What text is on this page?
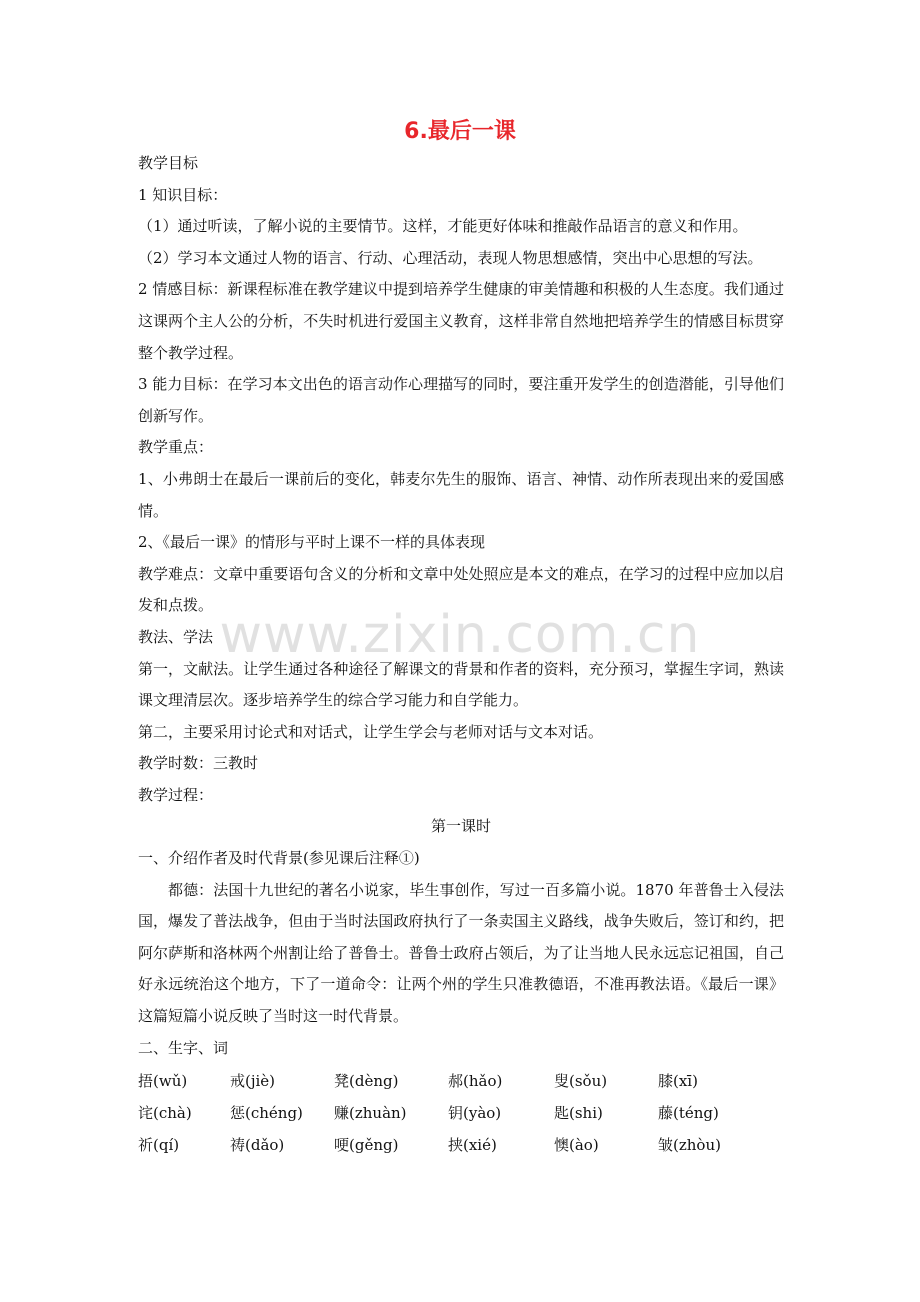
www.zixin.com.cn
6.最后一课

教学目标

1 知识目标：

（1）通过听读，了解小说的主要情节。这样，才能更好体味和推敲作品语言的意义和作用。

（2）学习本文通过人物的语言、行动、心理活动，表现人物思想感情，突出中心思想的写法。

2 情感目标：新课程标准在教学建议中提到培养学生健康的审美情趣和积极的人生态度。我们通过这课两个主人公的分析，不失时机进行爱国主义教育，这样非常自然地把培养学生的情感目标贯穿整个教学过程。

3 能力目标：在学习本文出色的语言动作心理描写的同时，要注重开发学生的创造潜能，引导他们创新写作。

教学重点：

1、小弗朗士在最后一课前后的变化，韩麦尔先生的服饰、语言、神情、动作所表现出来的爱国感情。

2、《最后一课》的情形与平时上课不一样的具体表现

教学难点：文章中重要语句含义的分析和文章中处处照应是本文的难点，在学习的过程中应加以启发和点拨。

教法、学法

第一，文献法。让学生通过各种途径了解课文的背景和作者的资料，充分预习，掌握生字词，熟读课文理清层次。逐步培养学生的综合学习能力和自学能力。

第二，主要采用讨论式和对话式，让学生学会与老师对话与文本对话。

教学时数：三教时

教学过程：

第一课时

一、介绍作者及时代背景(参见课后注释①)

都德：法国十九世纪的著名小说家，毕生事创作，写过一百多篇小说。1870 年普鲁士入侵法国，爆发了普法战争，但由于当时法国政府执行了一条卖国主义路线，战争失败后，签订和约，把阿尔萨斯和洛林两个州割让给了普鲁士。普鲁士政府占领后，为了让当地人民永远忘记祖国，自己好永远统治这个地方，下了一道命令：让两个州的学生只准教德语，不准再教法语。《最后一课》这篇短篇小说反映了当时这一时代背景。

二、生字、词

捂(wǔ)	戒(jiè)	凳(dèng)	郝(hǎo)	叟(sǒu)	膝(xī)
诧(chà)	惩(chéng) 赚(zhuàn)	钥(yào)	匙(shi)	藤(téng)
祈(qí)	祷(dǎo)	哽(gěng)	挟(xié)	懊(ào)	皱(zhòu)
